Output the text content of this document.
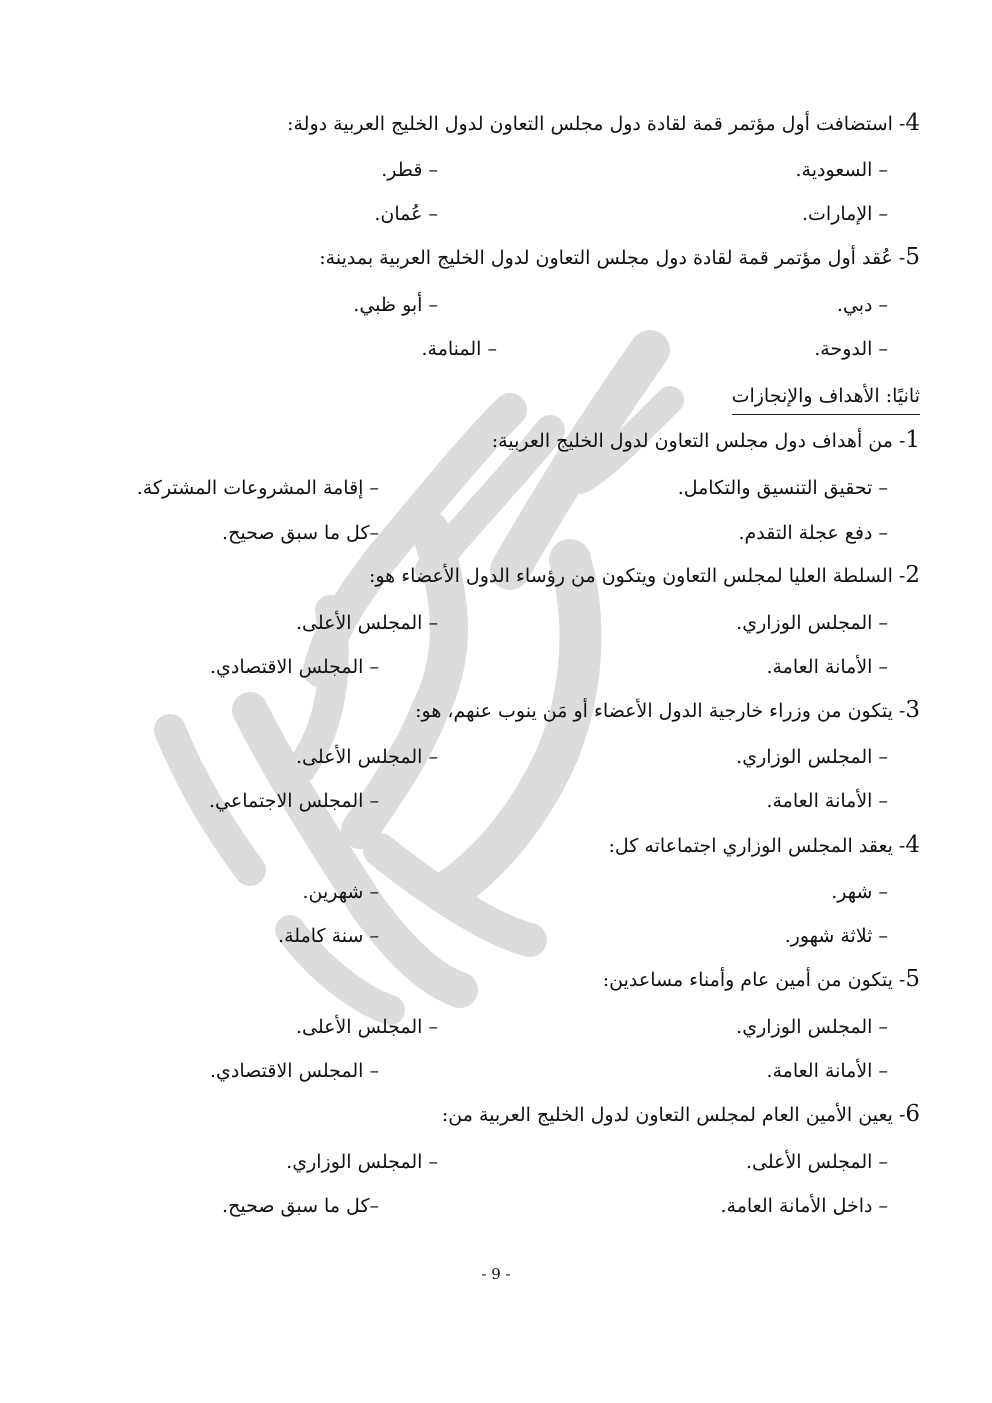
4- استضافت أول مؤتمر قمة لقادة دول مجلس التعاون لدول الخليج العربية دولة:
– السعودية.
– قطر.
– الإمارات.
– عُمان.
5- عُقد أول مؤتمر قمة لقادة دول مجلس التعاون لدول الخليج العربية بمدينة:
– دبي.
– أبو ظبي.
– الدوحة.
– المنامة.
ثانيًا: الأهداف والإنجازات
1- من أهداف دول مجلس التعاون لدول الخليج العربية:
– تحقيق التنسيق والتكامل.
– إقامة المشروعات المشتركة.
– دفع عجلة التقدم.
–كل ما سبق صحيح.
2- السلطة العليا لمجلس التعاون ويتكون من رؤساء الدول الأعضاء هو:
– المجلس الوزاري.
– المجلس الأعلى.
– الأمانة العامة.
– المجلس الاقتصادي.
3- يتكون من وزراء خارجية الدول الأعضاء أو مَن ينوب عنهم، هو:
– المجلس الوزاري.
– المجلس الأعلى.
– الأمانة العامة.
– المجلس الاجتماعي.
4- يعقد المجلس الوزاري اجتماعاته كل:
– شهر.
– شهرين.
– ثلاثة شهور.
– سنة كاملة.
5- يتكون من أمين عام وأمناء مساعدين:
– المجلس الوزاري.
– المجلس الأعلى.
– الأمانة العامة.
– المجلس الاقتصادي.
6- يعين الأمين العام لمجلس التعاون لدول الخليج العربية من:
– المجلس الأعلى.
– المجلس الوزاري.
– داخل الأمانة العامة.
–كل ما سبق صحيح.
- 9 -
